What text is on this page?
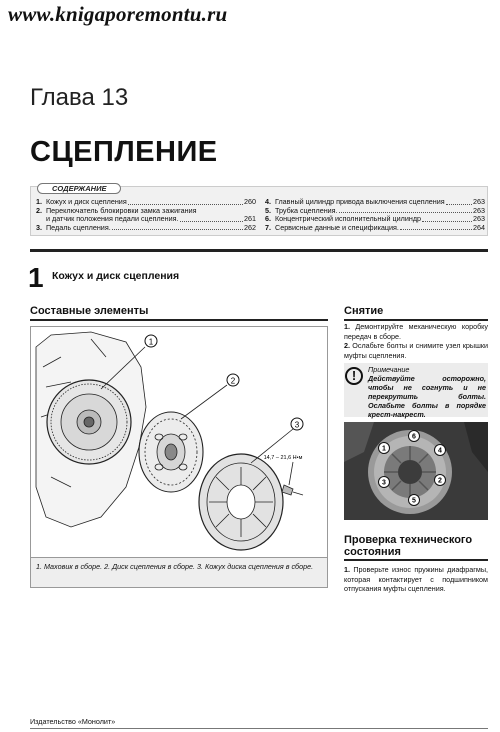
www.knigaporemontu.ru
Глава 13
СЦЕПЛЕНИЕ
СОДЕРЖАНИЕ
1. Кожух и диск сцепления	260
2. Переключатель блокировки замка зажигания
и датчик положения педали сцепления.	261
3. Педаль сцепления.	262
4. Главный цилиндр привода выключения сцепления	263
5. Трубка сцепления.	263
6. Концентрический исполнительный цилиндр	263
7. Сервисные данные и спецификация.	264
1 Кожух и диск сцепления
Составные элементы	Снятие
1
2
3
14,7 – 21,6 Н•м
1. Маховик в сборе. 2. Диск сцепления в сборе. 3. Кожух диска сцепления в сборе.

1. Демонтируйте механическую коробку передач в сборе.

2. Ослабьте болты и снимите узел крышки муфты сцепления.

!	Примечание
Действуйте осторожно, чтобы не согнуть и не перекрутить болты. Ослабьте болты в порядке крест-накрест.
1
2
3
4
5
6
Проверка технического
состояния

1. Проверьте износ пружины диафрагмы, которая контактирует с подшипником отпускания муфты сцепления.

Издательство «Монолит»
